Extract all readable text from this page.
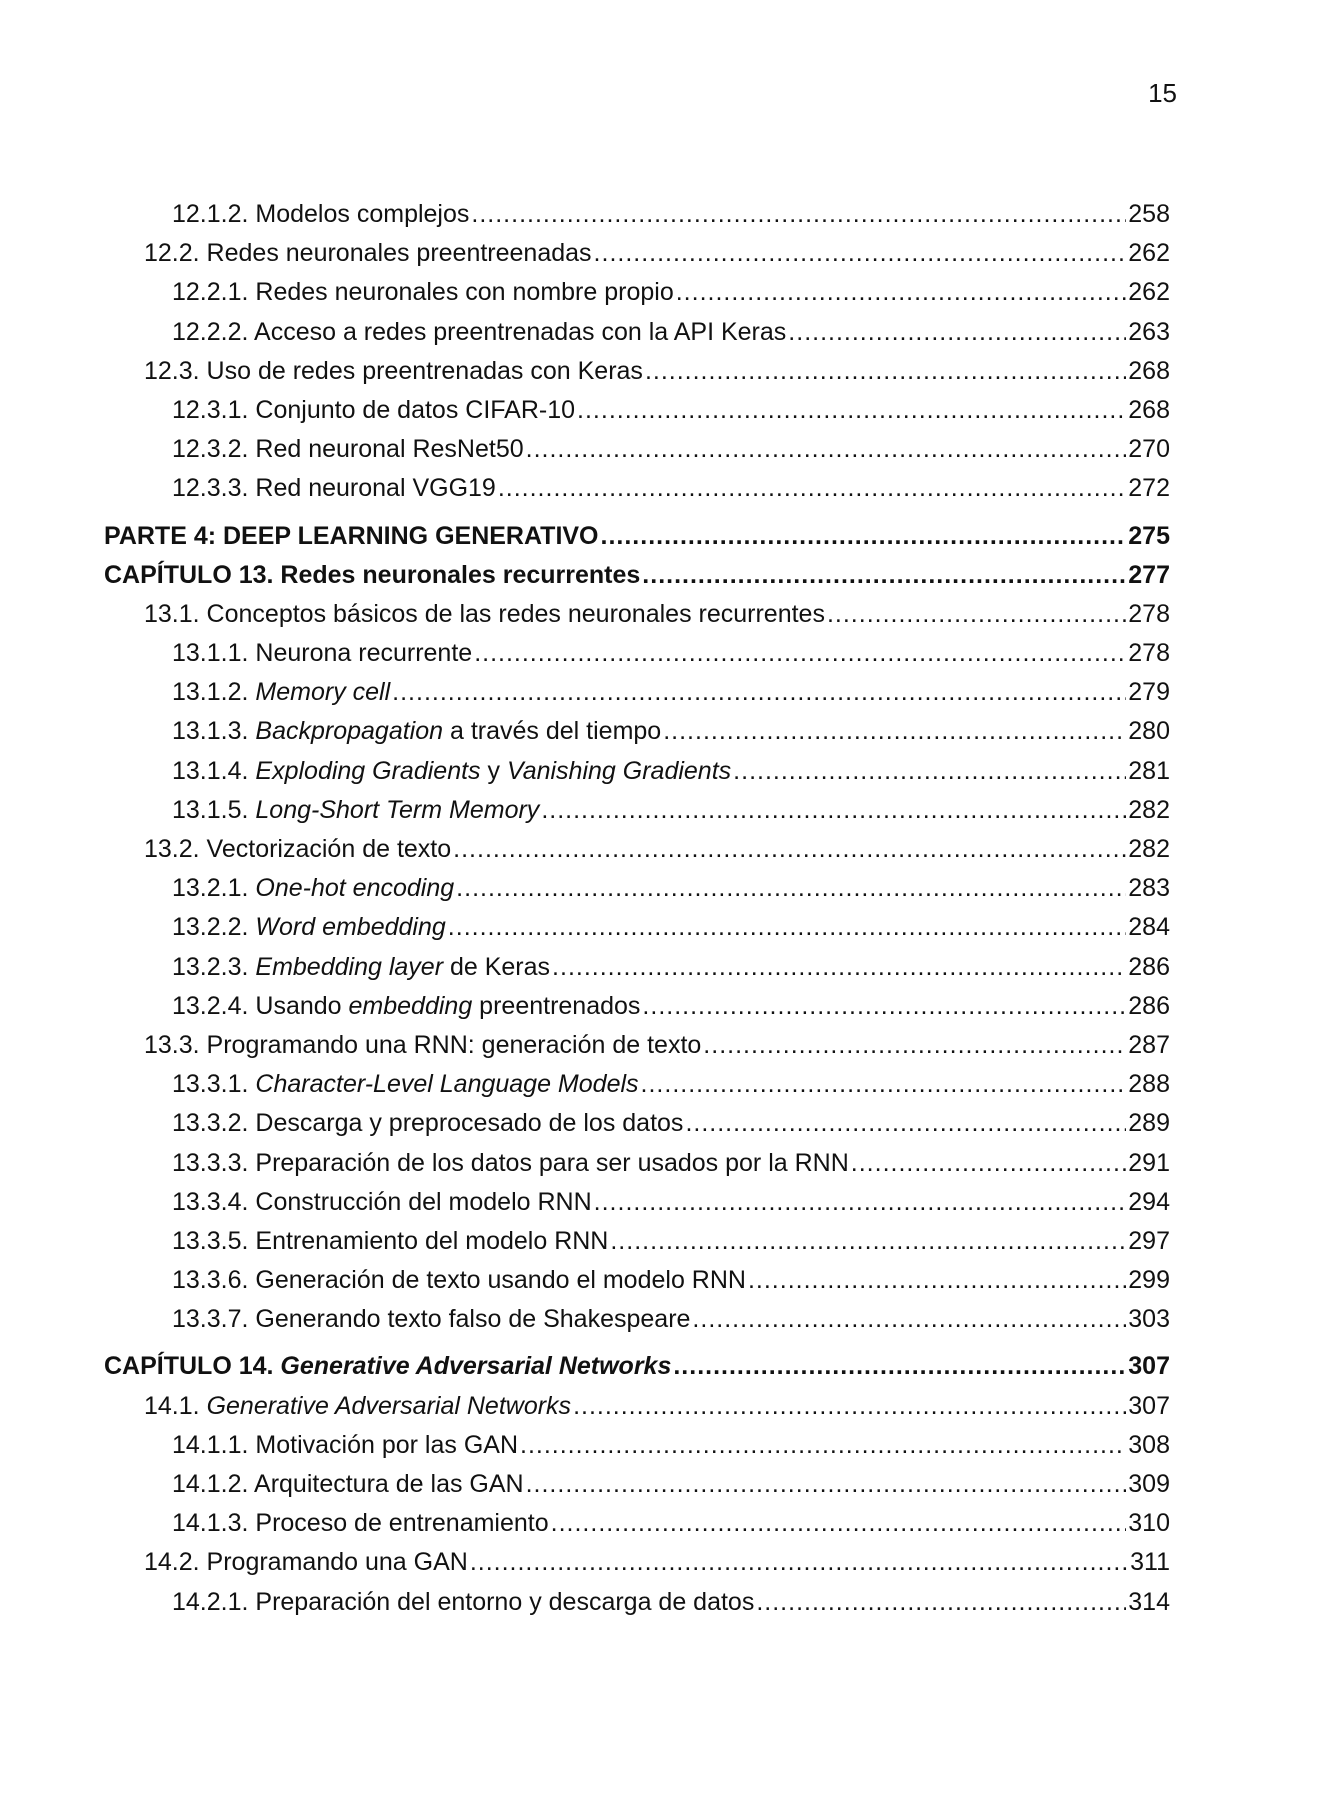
15
12.1.2. Modelos complejos .....	258
12.2. Redes neuronales preentreenadas .....	262
12.2.1. Redes neuronales con nombre propio .....	262
12.2.2. Acceso a redes preentrenadas con la API Keras .....	263
12.3. Uso de redes preentrenadas con Keras .....	268
12.3.1. Conjunto de datos CIFAR-10 .....	268
12.3.2. Red neuronal ResNet50 .....	270
12.3.3. Red neuronal VGG19 .....	272
PARTE 4: DEEP LEARNING GENERATIVO .....	275
CAPÍTULO 13. Redes neuronales recurrentes .....	277
13.1. Conceptos básicos de las redes neuronales recurrentes .....	278
13.1.1. Neurona recurrente .....	278
13.1.2. Memory cell .....	279
13.1.3. Backpropagation a través del tiempo .....	280
13.1.4. Exploding Gradients y Vanishing Gradients .....	281
13.1.5. Long-Short Term Memory .....	282
13.2. Vectorización de texto .....	282
13.2.1. One-hot encoding .....	283
13.2.2. Word embedding .....	284
13.2.3. Embedding layer de Keras .....	286
13.2.4. Usando embedding preentrenados .....	286
13.3. Programando una RNN: generación de texto .....	287
13.3.1. Character-Level Language Models .....	288
13.3.2. Descarga y preprocesado de los datos .....	289
13.3.3. Preparación de los datos para ser usados por la RNN .....	291
13.3.4. Construcción del modelo RNN .....	294
13.3.5. Entrenamiento del modelo RNN .....	297
13.3.6. Generación de texto usando el modelo RNN .....	299
13.3.7. Generando texto falso de Shakespeare .....	303
CAPÍTULO 14. Generative Adversarial Networks .....	307
14.1. Generative Adversarial Networks .....	307
14.1.1. Motivación por las GAN .....	308
14.1.2. Arquitectura de las GAN .....	309
14.1.3. Proceso de entrenamiento .....	310
14.2. Programando una GAN .....	311
14.2.1. Preparación del entorno y descarga de datos .....	314
